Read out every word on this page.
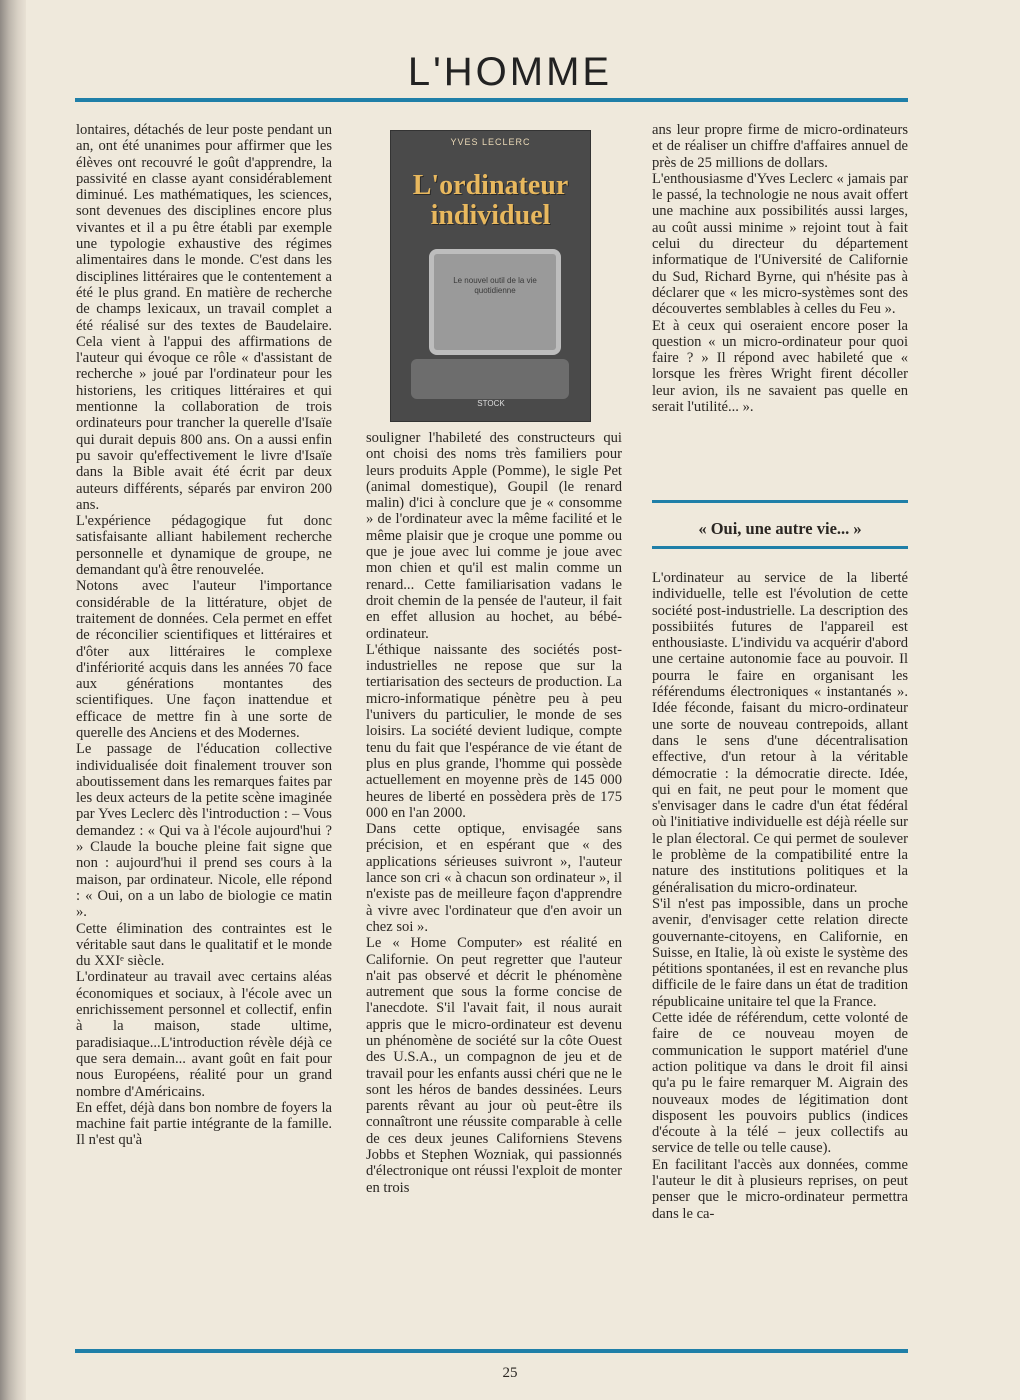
L'HOMME

lontaires, détachés de leur poste pendant un an, ont été unanimes pour affirmer que les élèves ont recouvré le goût d'apprendre, la passivité en classe ayant considérablement diminué. Les mathématiques, les sciences, sont devenues des disciplines encore plus vivantes et il a pu être établi par exemple une typologie exhaustive des régimes alimentaires dans le monde. C'est dans les disciplines littéraires que le contentement a été le plus grand. En matière de recherche de champs lexicaux, un travail complet a été réalisé sur des textes de Baudelaire. Cela vient à l'appui des affirmations de l'auteur qui évoque ce rôle « d'assistant de recherche » joué par l'ordinateur pour les historiens, les critiques littéraires et qui mentionne la collaboration de trois ordinateurs pour trancher la querelle d'Isaïe qui durait depuis 800 ans. On a aussi enfin pu savoir qu'effectivement le livre d'Isaïe dans la Bible avait été écrit par deux auteurs différents, séparés par environ 200 ans.

L'expérience pédagogique fut donc satisfaisante alliant habilement recherche personnelle et dynamique de groupe, ne demandant qu'à être renouvelée.

Notons avec l'auteur l'importance considérable de la littérature, objet de traitement de données. Cela permet en effet de réconcilier scientifiques et littéraires et d'ôter aux littéraires le complexe d'infériorité acquis dans les années 70 face aux générations montantes des scientifiques. Une façon inattendue et efficace de mettre fin à une sorte de querelle des Anciens et des Modernes.

Le passage de l'éducation collective individualisée doit finalement trouver son aboutissement dans les remarques faites par les deux acteurs de la petite scène imaginée par Yves Leclerc dès l'introduction : – Vous demandez : « Qui va à l'école aujourd'hui ? » Claude la bouche pleine fait signe que non : aujourd'hui il prend ses cours à la maison, par ordinateur. Nicole, elle répond : « Oui, on a un labo de biologie ce matin ».

Cette élimination des contraintes est le véritable saut dans le qualitatif et le monde du XXIᵉ siècle.

L'ordinateur au travail avec certains aléas économiques et sociaux, à l'école avec un enrichissement personnel et collectif, enfin à la maison, stade ultime, paradisiaque...L'introduction révèle déjà ce que sera demain... avant goût en fait pour nous Européens, réalité pour un grand nombre d'Américains.

En effet, déjà dans bon nombre de foyers la machine fait partie intégrante de la famille. Il n'est qu'à

YVES LECLERC
L'ordinateur individuel
Le nouvel outil de la vie quotidienne
STOCK

souligner l'habileté des constructeurs qui ont choisi des noms très familiers pour leurs produits Apple (Pomme), le sigle Pet (animal domestique), Goupil (le renard malin) d'ici à conclure que je « consomme » de l'ordinateur avec la même facilité et le même plaisir que je croque une pomme ou que je joue avec lui comme je joue avec mon chien et qu'il est malin comme un renard... Cette familiarisation vadans le droit chemin de la pensée de l'auteur, il fait en effet allusion au hochet, au bébé-ordinateur.

L'éthique naissante des sociétés post-industrielles ne repose que sur la tertiarisation des secteurs de production. La micro-informatique pénètre peu à peu l'univers du particulier, le monde de ses loisirs. La société devient ludique, compte tenu du fait que l'espérance de vie étant de plus en plus grande, l'homme qui possède actuellement en moyenne près de 145 000 heures de liberté en possèdera près de 175 000 en l'an 2000.

Dans cette optique, envisagée sans précision, et en espérant que « des applications sérieuses suivront », l'auteur lance son cri « à chacun son ordinateur », il n'existe pas de meilleure façon d'apprendre à vivre avec l'ordinateur que d'en avoir un chez soi ».

Le « Home Computer» est réalité en Californie. On peut regretter que l'auteur n'ait pas observé et décrit le phénomène autrement que sous la forme concise de l'anecdote. S'il l'avait fait, il nous aurait appris que le micro-ordinateur est devenu un phénomène de société sur la côte Ouest des U.S.A., un compagnon de jeu et de travail pour les enfants aussi chéri que ne le sont les héros de bandes dessinées. Leurs parents rêvant au jour où peut-être ils connaîtront une réussite comparable à celle de ces deux jeunes Californiens Stevens Jobbs et Stephen Wozniak, qui passionnés d'électronique ont réussi l'exploit de monter en trois

ans leur propre firme de micro-ordinateurs et de réaliser un chiffre d'affaires annuel de près de 25 millions de dollars.

L'enthousiasme d'Yves Leclerc « jamais par le passé, la technologie ne nous avait offert une machine aux possibilités aussi larges, au coût aussi minime » rejoint tout à fait celui du directeur du département informatique de l'Université de Californie du Sud, Richard Byrne, qui n'hésite pas à déclarer que « les micro-systèmes sont des découvertes semblables à celles du Feu ».

Et à ceux qui oseraient encore poser la question « un micro-ordinateur pour quoi faire ? » Il répond avec habileté que « lorsque les frères Wright firent décoller leur avion, ils ne savaient pas quelle en serait l'utilité... ».

« Oui, une autre vie... »

L'ordinateur au service de la liberté individuelle, telle est l'évolution de cette société post-industrielle. La description des possibiités futures de l'appareil est enthousiaste. L'individu va acquérir d'abord une certaine autonomie face au pouvoir. Il pourra le faire en organisant les référendums électroniques « instantanés ». Idée féconde, faisant du micro-ordinateur une sorte de nouveau contrepoids, allant dans le sens d'une décentralisation effective, d'un retour à la véritable démocratie : la démocratie directe. Idée, qui en fait, ne peut pour le moment que s'envisager dans le cadre d'un état fédéral où l'initiative individuelle est déjà réelle sur le plan électoral. Ce qui permet de soulever le problème de la compatibilité entre la nature des institutions politiques et la généralisation du micro-ordinateur.

S'il n'est pas impossible, dans un proche avenir, d'envisager cette relation directe gouvernante-citoyens, en Californie, en Suisse, en Italie, là où existe le système des pétitions spontanées, il est en revanche plus difficile de le faire dans un état de tradition républicaine unitaire tel que la France.

Cette idée de référendum, cette volonté de faire de ce nouveau moyen de communication le support matériel d'une action politique va dans le droit fil ainsi qu'a pu le faire remarquer M. Aigrain des nouveaux modes de légitimation dont disposent les pouvoirs publics (indices d'écoute à la télé – jeux collectifs au service de telle ou telle cause).

En facilitant l'accès aux données, comme l'auteur le dit à plusieurs reprises, on peut penser que le micro-ordinateur permettra dans le ca-

25
